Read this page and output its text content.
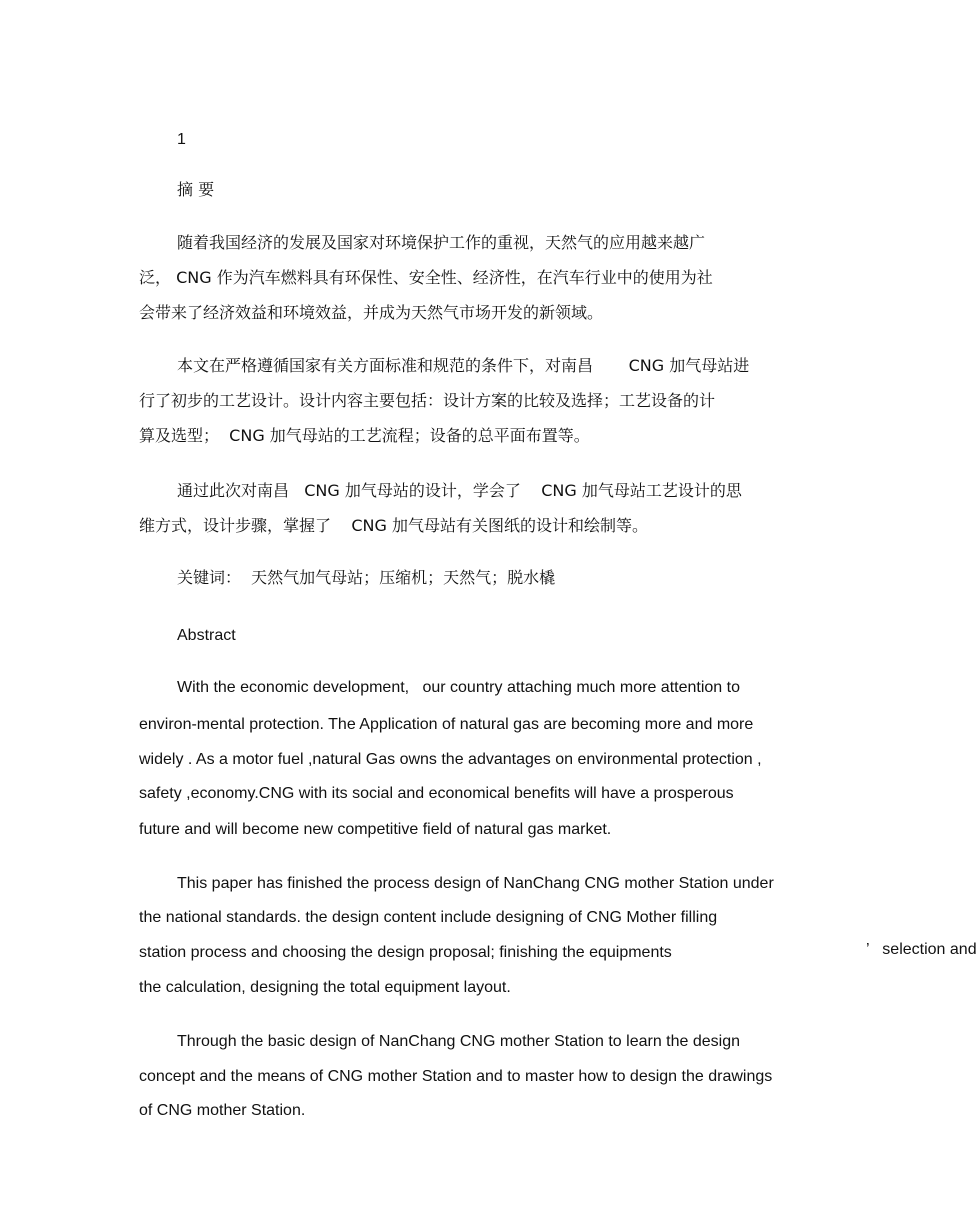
1
摘 要
随着我国经济的发展及国家对环境保护工作的重视，天然气的应用越来越广
泛， CNG 作为汽车燃料具有环保性、安全性、经济性，在汽车行业中的使用为社
会带来了经济效益和环境效益，并成为天然气市场开发的新领域。
本文在严格遵循国家有关方面标准和规范的条件下，对南昌       CNG 加气母站进
行了初步的工艺设计。设计内容主要包括：设计方案的比较及选择；工艺设备的计
算及选型；  CNG 加气母站的工艺流程；设备的总平面布置等。
通过此次对南昌   CNG 加气母站的设计，学会了    CNG 加气母站工艺设计的思
维方式，设计步骤，掌握了    CNG 加气母站有关图纸的设计和绘制等。
关键词：  天然气加气母站；压缩机；天然气；脱水橇
Abstract
With the economic development,   our country attaching much more attention to
environ-mental protection. The Application of natural gas are becoming more and more
widely . As a motor fuel ,natural Gas owns the advantages on environmental protection ,
safety ,economy.CNG with its social and economical benefits will have a prosperous
future and will become new competitive field of natural gas market.
This paper has finished the process design of NanChang CNG mother Station under
the national standards. the design content include designing of CNG Mother filling
station process and choosing the design proposal; finishing the equipments	’   selection and
the calculation, designing the total equipment layout.
Through the basic design of NanChang CNG mother Station to learn the design
concept and the means of CNG mother Station and to master how to design the drawings
of CNG mother Station.
